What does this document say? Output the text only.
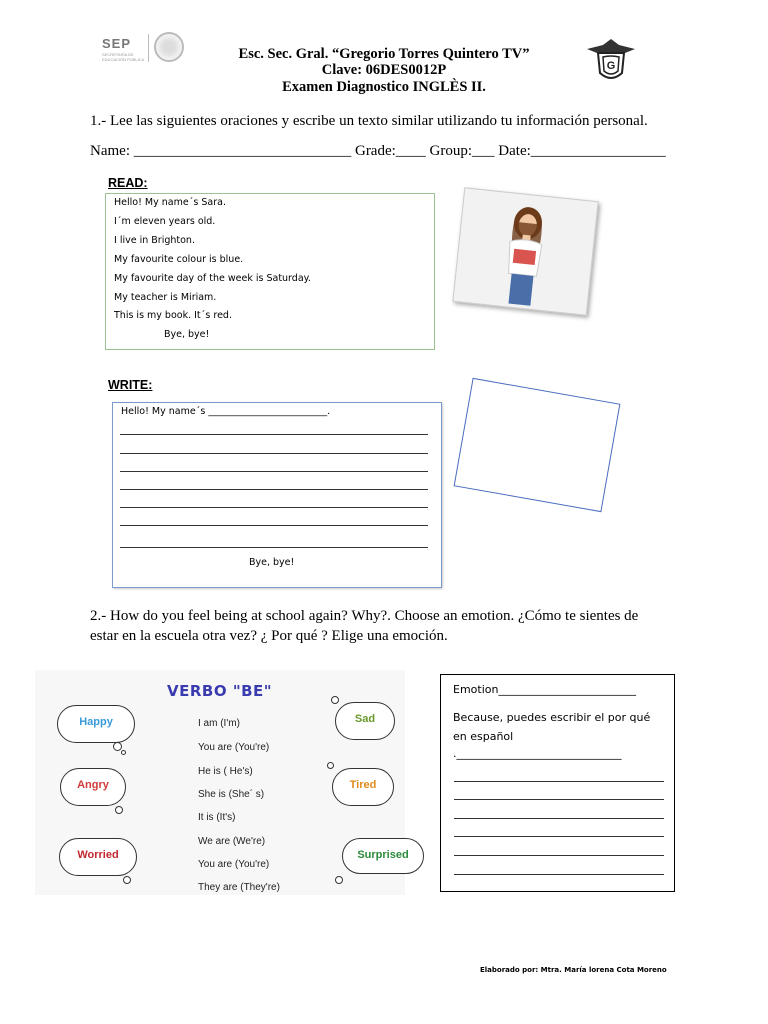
SEP
SECRETARÍA DE EDUCACIÓN PÚBLICA
G
Esc. Sec. Gral. “Gregorio Torres Quintero TV”
Clave: 06DES0012P
Examen Diagnostico INGLÈS II.
1.- Lee las siguientes oraciones y escribe un texto similar utilizando tu información personal.
Name: _____________________________ Grade:____ Group:___ Date:__________________
READ:
Hello! My name´s Sara.
I´m eleven years old.
I live in Brighton.
My favourite colour is blue.
My favourite day of the week is Saturday.
My teacher is Miriam.
This is my book. It´s red.
Bye, bye!
WRITE:
Hello! My name´s _________________________.
Bye, bye!
2.- How do you feel being at school again? Why?. Choose an emotion. ¿Cómo te sientes de
estar en la escuela otra vez? ¿ Por qué ? Elige una emoción.
VERBO "BE"
I am (I'm)
You are (You're)
He is ( He's)
She is (She´ s)
It is (It's)
We are (We're)
You are (You're)
They are (They're)
Happy
Angry
Worried
Sad
Tired
Surprised
Emotion_________________________
Because, puedes escribir el por qué
en español
.______________________________
Elaborado por: Mtra. María lorena Cota Moreno
